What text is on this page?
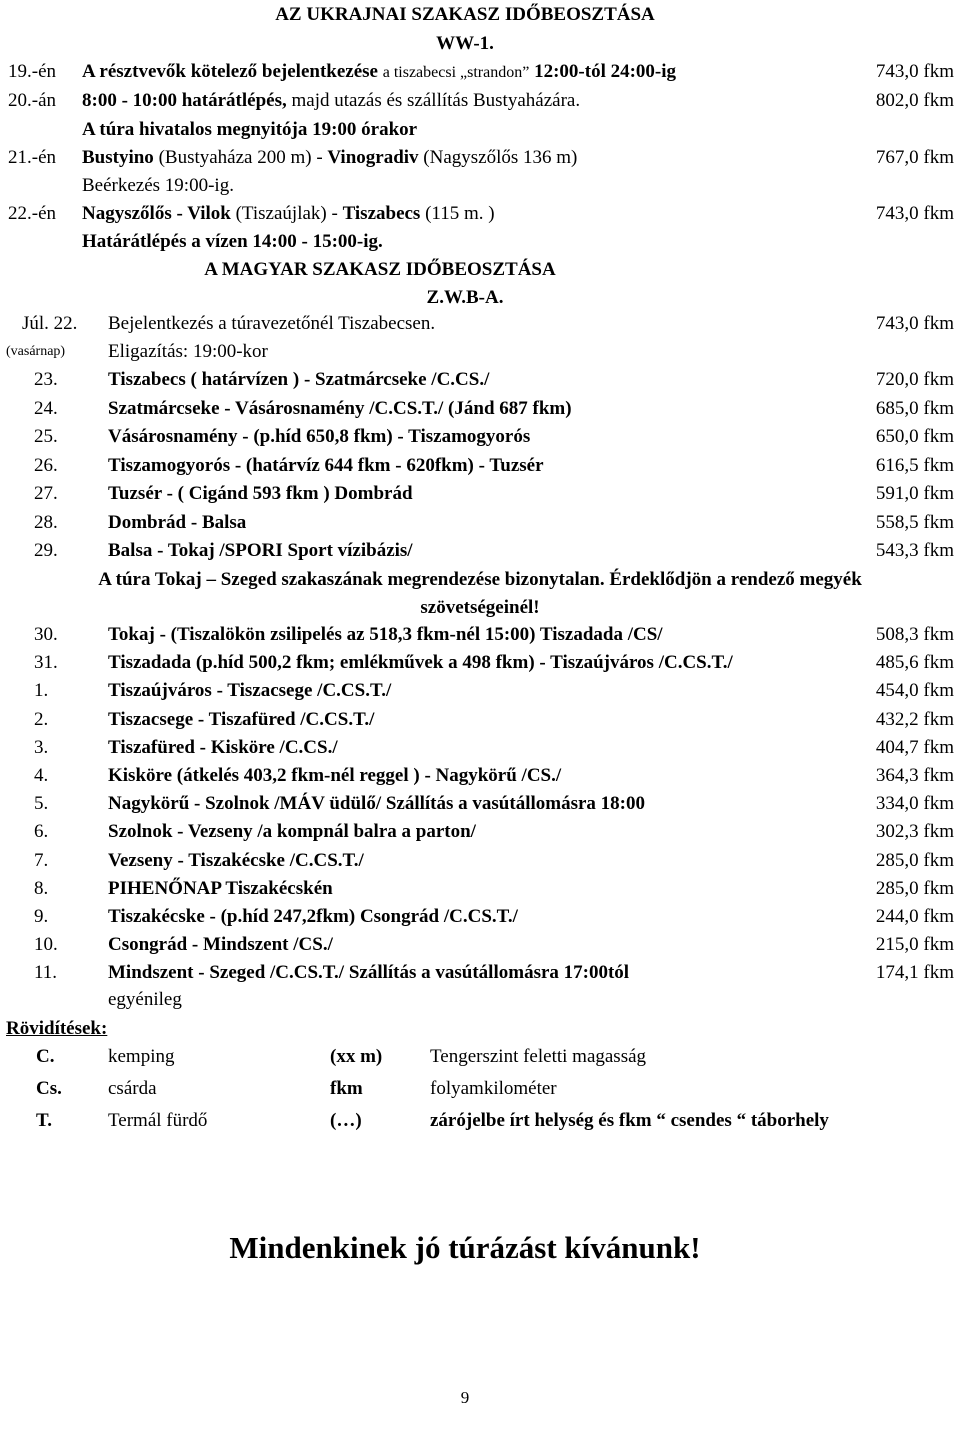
AZ UKRAJNAI SZAKASZ IDŐBEOSZTÁSA
WW-1.
19.-én A résztvevők kötelező bejelentkezése a tiszabecsi „strandon” 12:00-tól 24:00-ig	743,0 fkm
20.-án 8:00 - 10:00 határátlépés, majd utazás és szállítás Bustyaházára.	802,0 fkm
A túra hivatalos megnyitója 19:00 órakor
21.-én Bustyino (Bustyaháza 200 m) - Vinogradiv (Nagyszőlős 136 m)	767,0 fkm
Beérkezés 19:00-ig.
22.-én Nagyszőlős - Vilok (Tiszaújlak) - Tiszabecs (115 m. )	743,0 fkm
Határátlépés a vízen 14:00 - 15:00-ig.
A MAGYAR SZAKASZ IDŐBEOSZTÁSA
Z.W.B-A.
Júl. 22. Bejelentkezés a túravezetőnél Tiszabecsen.	743,0 fkm
(vasárnap) Eligazítás: 19:00-kor
23.	Tiszabecs ( határvízen ) - Szatmárcseke /C.CS./	720,0 fkm
24.	Szatmárcseke - Vásárosnamény /C.CS.T./ (Jánd 687 fkm)	685,0 fkm
25.	Vásárosnamény - (p.híd 650,8 fkm) - Tiszamogyorós	650,0 fkm
26.	Tiszamogyorós - (határvíz 644 fkm - 620fkm) - Tuzsér	616,5 fkm
27.	Tuzsér - ( Cigánd 593 fkm ) Dombrád	591,0 fkm
28.	Dombrád - Balsa	558,5 fkm
29.	Balsa - Tokaj /SPORI Sport vízibázis/	543,3 fkm
A túra Tokaj – Szeged szakaszának megrendezése bizonytalan. Érdeklődjön a rendező megyék
szövetségeinél!
30.	Tokaj - (Tiszalökön zsilipelés az 518,3 fkm-nél 15:00) Tiszadada /CS/	508,3 fkm
31.	Tiszadada (p.híd 500,2 fkm; emlékművek a 498 fkm) - Tiszaújváros /C.CS.T./	485,6 fkm
1.	Tiszaújváros - Tiszacsege /C.CS.T./	454,0 fkm
2.	Tiszacsege - Tiszafüred /C.CS.T./	432,2 fkm
3.	Tiszafüred - Kisköre /C.CS./	404,7 fkm
4.	Kisköre (átkelés 403,2 fkm-nél reggel ) - Nagykörű /CS./	364,3 fkm
5.	Nagykörű - Szolnok /MÁV üdülő/ Szállítás a vasútállomásra 18:00	334,0 fkm
6.	Szolnok - Vezseny /a kompnál balra a parton/	302,3 fkm
7.	Vezseny - Tiszakécske /C.CS.T./	285,0 fkm
8.	PIHENŐNAP Tiszakécskén	285,0 fkm
9.	Tiszakécske - (p.híd 247,2fkm) Csongrád /C.CS.T./	244,0 fkm
10.	Csongrád - Mindszent /CS./	215,0 fkm
11.	Mindszent - Szeged /C.CS.T./ Szállítás a vasútállomásra 17:00tól	174,1 fkm
egyénileg
Rövidítések:
C.	kemping	(xx m)	Tengerszint feletti magasság
Cs. csárda	fkm	folyamkilométer
T.	Termál fürdő	(…)	zárójelbe írt helység és fkm “ csendes “ táborhely
Mindenkinek jó túrázást kívánunk!
9
